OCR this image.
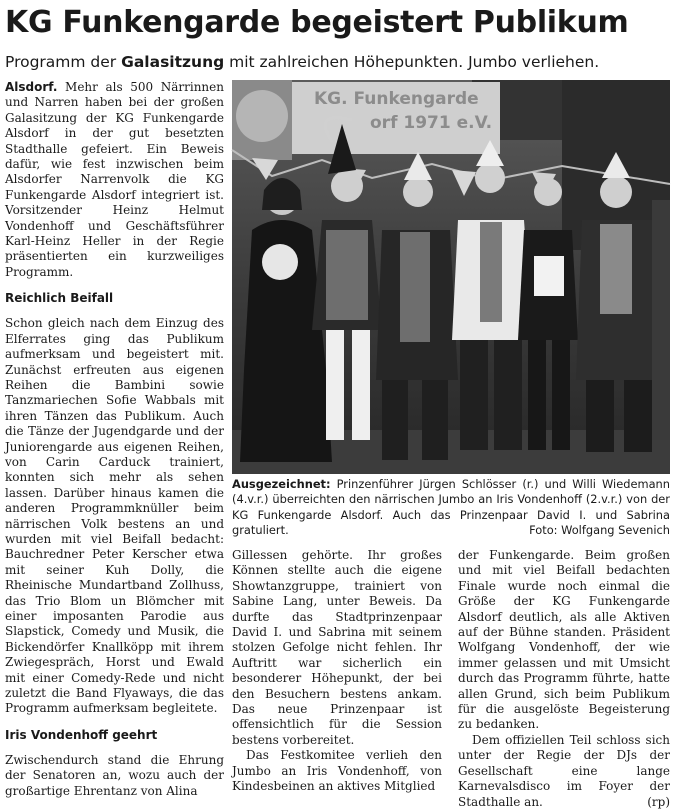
KG Funkengarde begeistert Publikum
Programm der Galasitzung mit zahlreichen Höhepunkten. Jumbo verliehen.

Alsdorf. Mehr als 500 Närrinnen und Narren haben bei der großen Galasitzung der KG Funkengarde Alsdorf in der gut besetzten Stadthalle gefeiert. Ein Beweis dafür, wie fest inzwischen beim Alsdorfer Narrenvolk die KG Funkengarde Alsdorf integriert ist. Vorsitzender Heinz Helmut Vondenhoff und Geschäftsführer Karl-Heinz Heller in der Regie präsentierten ein kurzweiliges Programm.

Reichlich Beifall

Schon gleich nach dem Einzug des Elferrates ging das Publikum aufmerksam und begeistert mit. Zunächst erfreuten aus eigenen Reihen die Bambini sowie Tanzmariechen Sofie Wabbals mit ihren Tänzen das Publikum. Auch die Tänze der Jugendgarde und der Juniorengarde aus eigenen Reihen, von Carin Carduck trainiert, konnten sich mehr als sehen lassen. Darüber hinaus kamen die anderen Programmknüller beim närrischen Volk bestens an und wurden mit viel Beifall bedacht: Bauchredner Peter Kerscher etwa mit seiner Kuh Dolly, die Rheinische Mundartband Zollhuss, das Trio Blom un Blömcher mit einer imposanten Parodie aus Slapstick, Comedy und Musik, die Bickendörfer Knallköpp mit ihrem Zwiegespräch, Horst und Ewald mit einer Comedy-Rede und nicht zuletzt die Band Flyaways, die das Programm aufmerksam begleitete.

Iris Vondenhoff geehrt

Zwischendurch stand die Ehrung der Senatoren an, wozu auch der großartige Ehrentanz von Alina

KG. Funkengarde
orf 1971 e.V.
Ausgezeichnet: Prinzenführer Jürgen Schlösser (r.) und Willi Wiedemann (4.v.r.) überreichten den närrischen Jumbo an Iris Vondenhoff (2.v.r.) von der KG Funkengarde Alsdorf. Auch das Prinzenpaar David I. und Sabrina gratuliert.	Foto: Wolfgang Sevenich

Gillessen gehörte. Ihr großes Können stellte auch die eigene Showtanzgruppe, trainiert von Sabine Lang, unter Beweis. Da durfte das Stadtprinzenpaar David I. und Sabrina mit seinem stolzen Gefolge nicht fehlen. Ihr Auftritt war sicherlich ein besonderer Höhepunkt, der bei den Besuchern bestens ankam. Das neue Prinzenpaar ist offensichtlich für die Session bestens vorbereitet.

Das Festkomitee verlieh den Jumbo an Iris Vondenhoff, von Kindesbeinen an aktives Mitglied

der Funkengarde. Beim großen und mit viel Beifall bedachten Finale wurde noch einmal die Größe der KG Funkengarde Alsdorf deutlich, als alle Aktiven auf der Bühne standen. Präsident Wolfgang Vondenhoff, der wie immer gelassen und mit Umsicht durch das Programm führte, hatte allen Grund, sich beim Publikum für die ausgelöste Begeisterung zu bedanken.

Dem offiziellen Teil schloss sich unter der Regie der DJs der Gesellschaft eine lange Karnevalsdisco im Foyer der Stadthalle an.	(rp)
